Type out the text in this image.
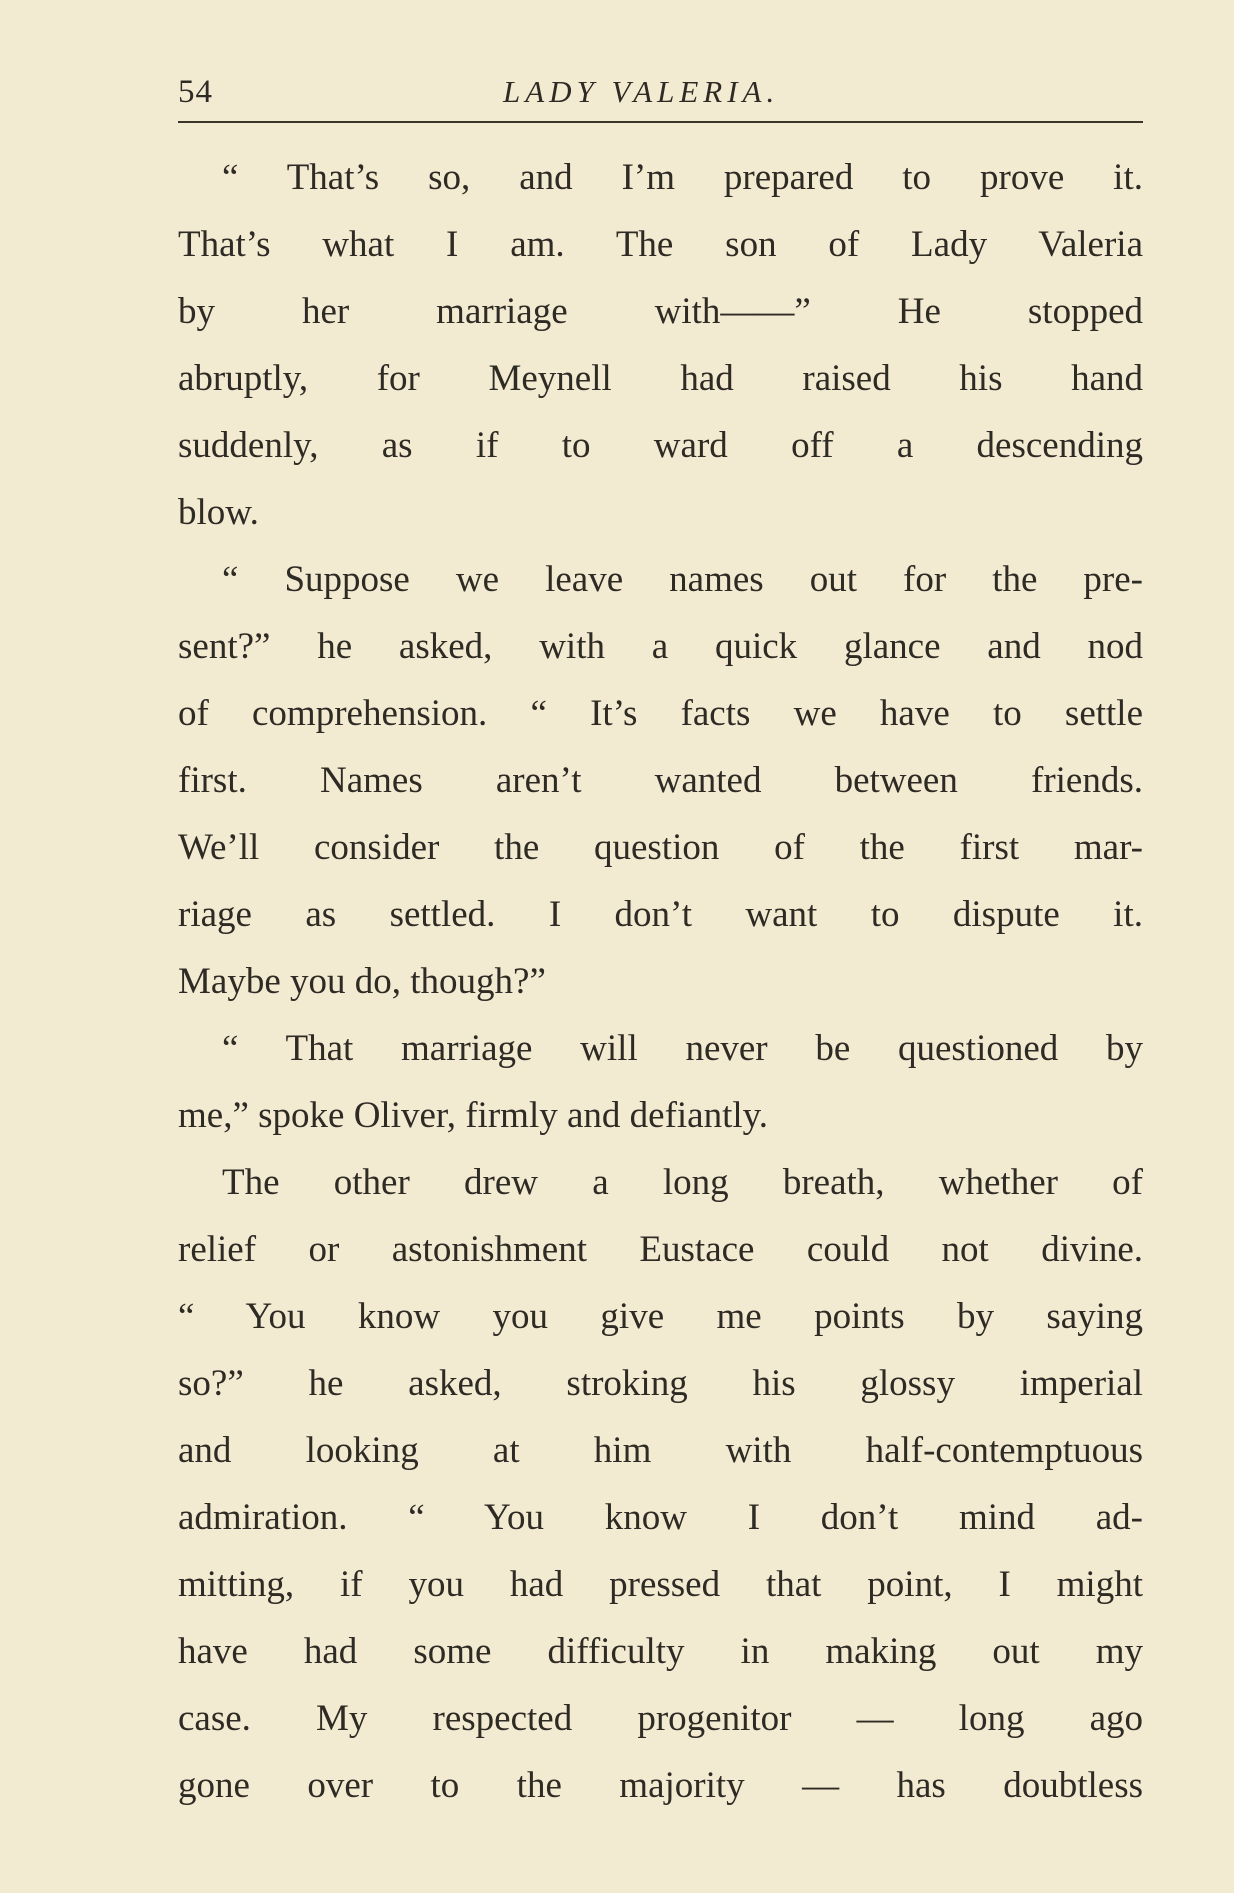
54	LADY VALERIA.
“ That’s so, and I’m prepared to prove it.
That’s what I am. The son of Lady Valeria
by her marriage with——” He stopped
abruptly, for Meynell had raised his hand
suddenly, as if to ward off a descending
blow.
“ Suppose we leave names out for the pre-
sent?” he asked, with a quick glance and nod
of comprehension. “ It’s facts we have to settle
first. Names aren’t wanted between friends.
We’ll consider the question of the first mar-
riage as settled. I don’t want to dispute it.
Maybe you do, though?”
“ That marriage will never be questioned by
me,” spoke Oliver, firmly and defiantly.
The other drew a long breath, whether of
relief or astonishment Eustace could not divine.
“ You know you give me points by saying
so?” he asked, stroking his glossy imperial
and looking at him with half-contemptuous
admiration. “ You know I don’t mind ad-
mitting, if you had pressed that point, I might
have had some difficulty in making out my
case. My respected progenitor — long ago
gone over to the majority — has doubtless
